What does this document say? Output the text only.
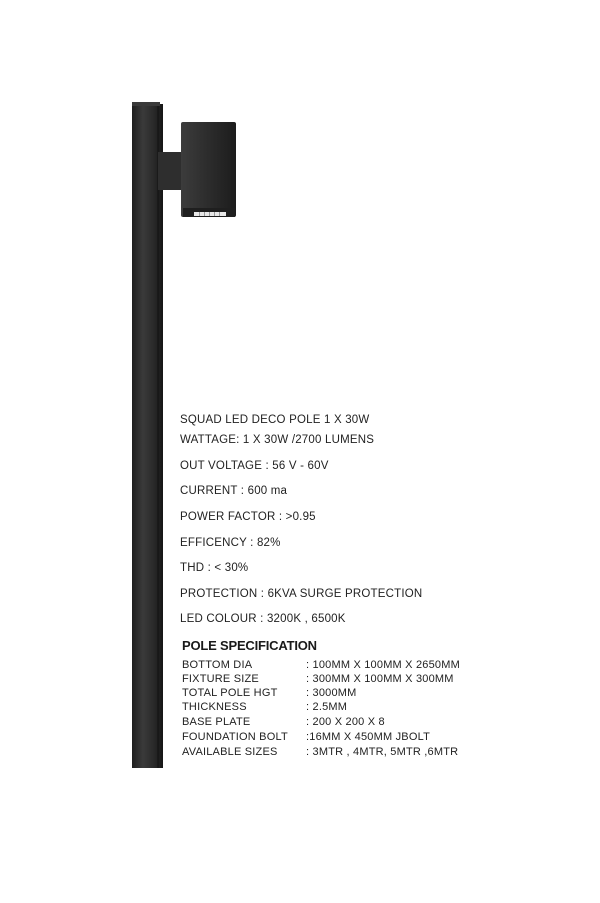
SQUAD LED DECO POLE 1 X 30W
WATTAGE: 1 X 30W /2700 LUMENS
OUT VOLTAGE : 56 V - 60V
CURRENT : 600 ma
POWER FACTOR : >0.95
EFFICENCY : 82%
THD : < 30%
PROTECTION : 6KVA SURGE PROTECTION
LED COLOUR : 3200K , 6500K
POLE SPECIFICATION
BOTTOM DIA	: 100MM X 100MM X 2650MM
FIXTURE SIZE	: 300MM X 100MM X 300MM
TOTAL POLE HGT	: 3000MM
THICKNESS	: 2.5MM
BASE PLATE	: 200 X 200 X 8
FOUNDATION BOLT	:16MM X 450MM JBOLT
AVAILABLE SIZES	: 3MTR , 4MTR, 5MTR ,6MTR
